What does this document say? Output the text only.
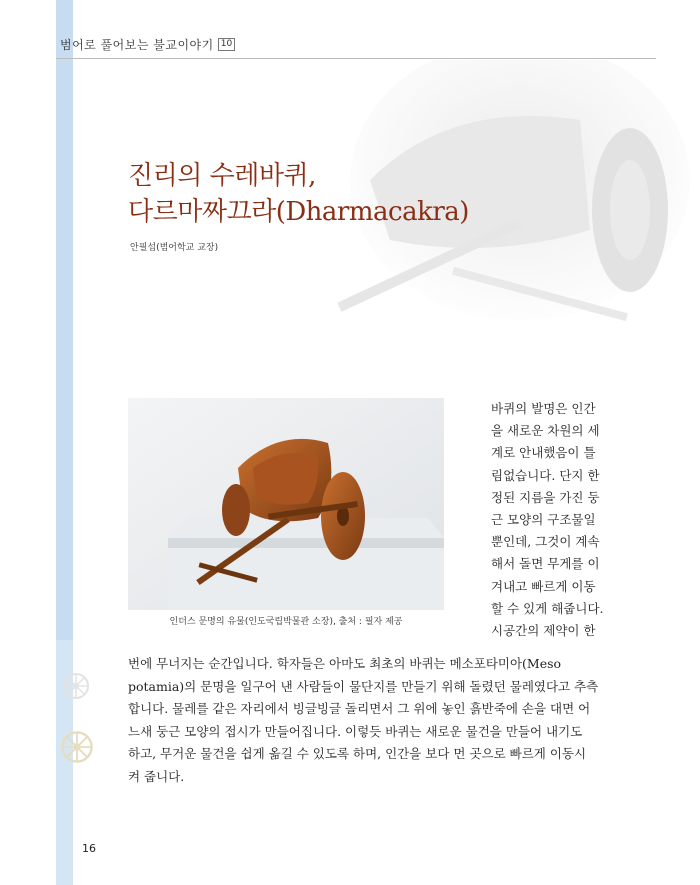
범어로 풀어보는 불교이야기 10
진리의 수레바퀴,
다르마짜끄라(Dharmacakra)
안필섭(범어학교 교장)
인더스 문명의 유물(인도국립박물관 소장), 출처 : 필자 제공
바퀴의 발명은 인간
을 새로운 차원의 세
계로 안내했음이 틀
림없습니다. 단지 한
정된 지름을 가진 둥
근 모양의 구조물일
뿐인데, 그것이 계속
해서 돌면 무게를 이
겨내고 빠르게 이동
할 수 있게 해줍니다.
시공간의 제약이 한
번에 무너지는 순간입니다. 학자들은 아마도 최초의 바퀴는 메소포타미아(Meso
potamia)의 문명을 일구어 낸 사람들이 물단지를 만들기 위해 돌렸던 물레였다고 추측
합니다. 물레를 같은 자리에서 빙글빙글 돌리면서 그 위에 놓인 흙반죽에 손을 대면 어
느새 둥근 모양의 접시가 만들어집니다. 이렇듯 바퀴는 새로운 물건을 만들어 내기도
하고, 무거운 물건을 쉽게 옮길 수 있도록 하며, 인간을 보다 먼 곳으로 빠르게 이동시
켜 줍니다.
16
